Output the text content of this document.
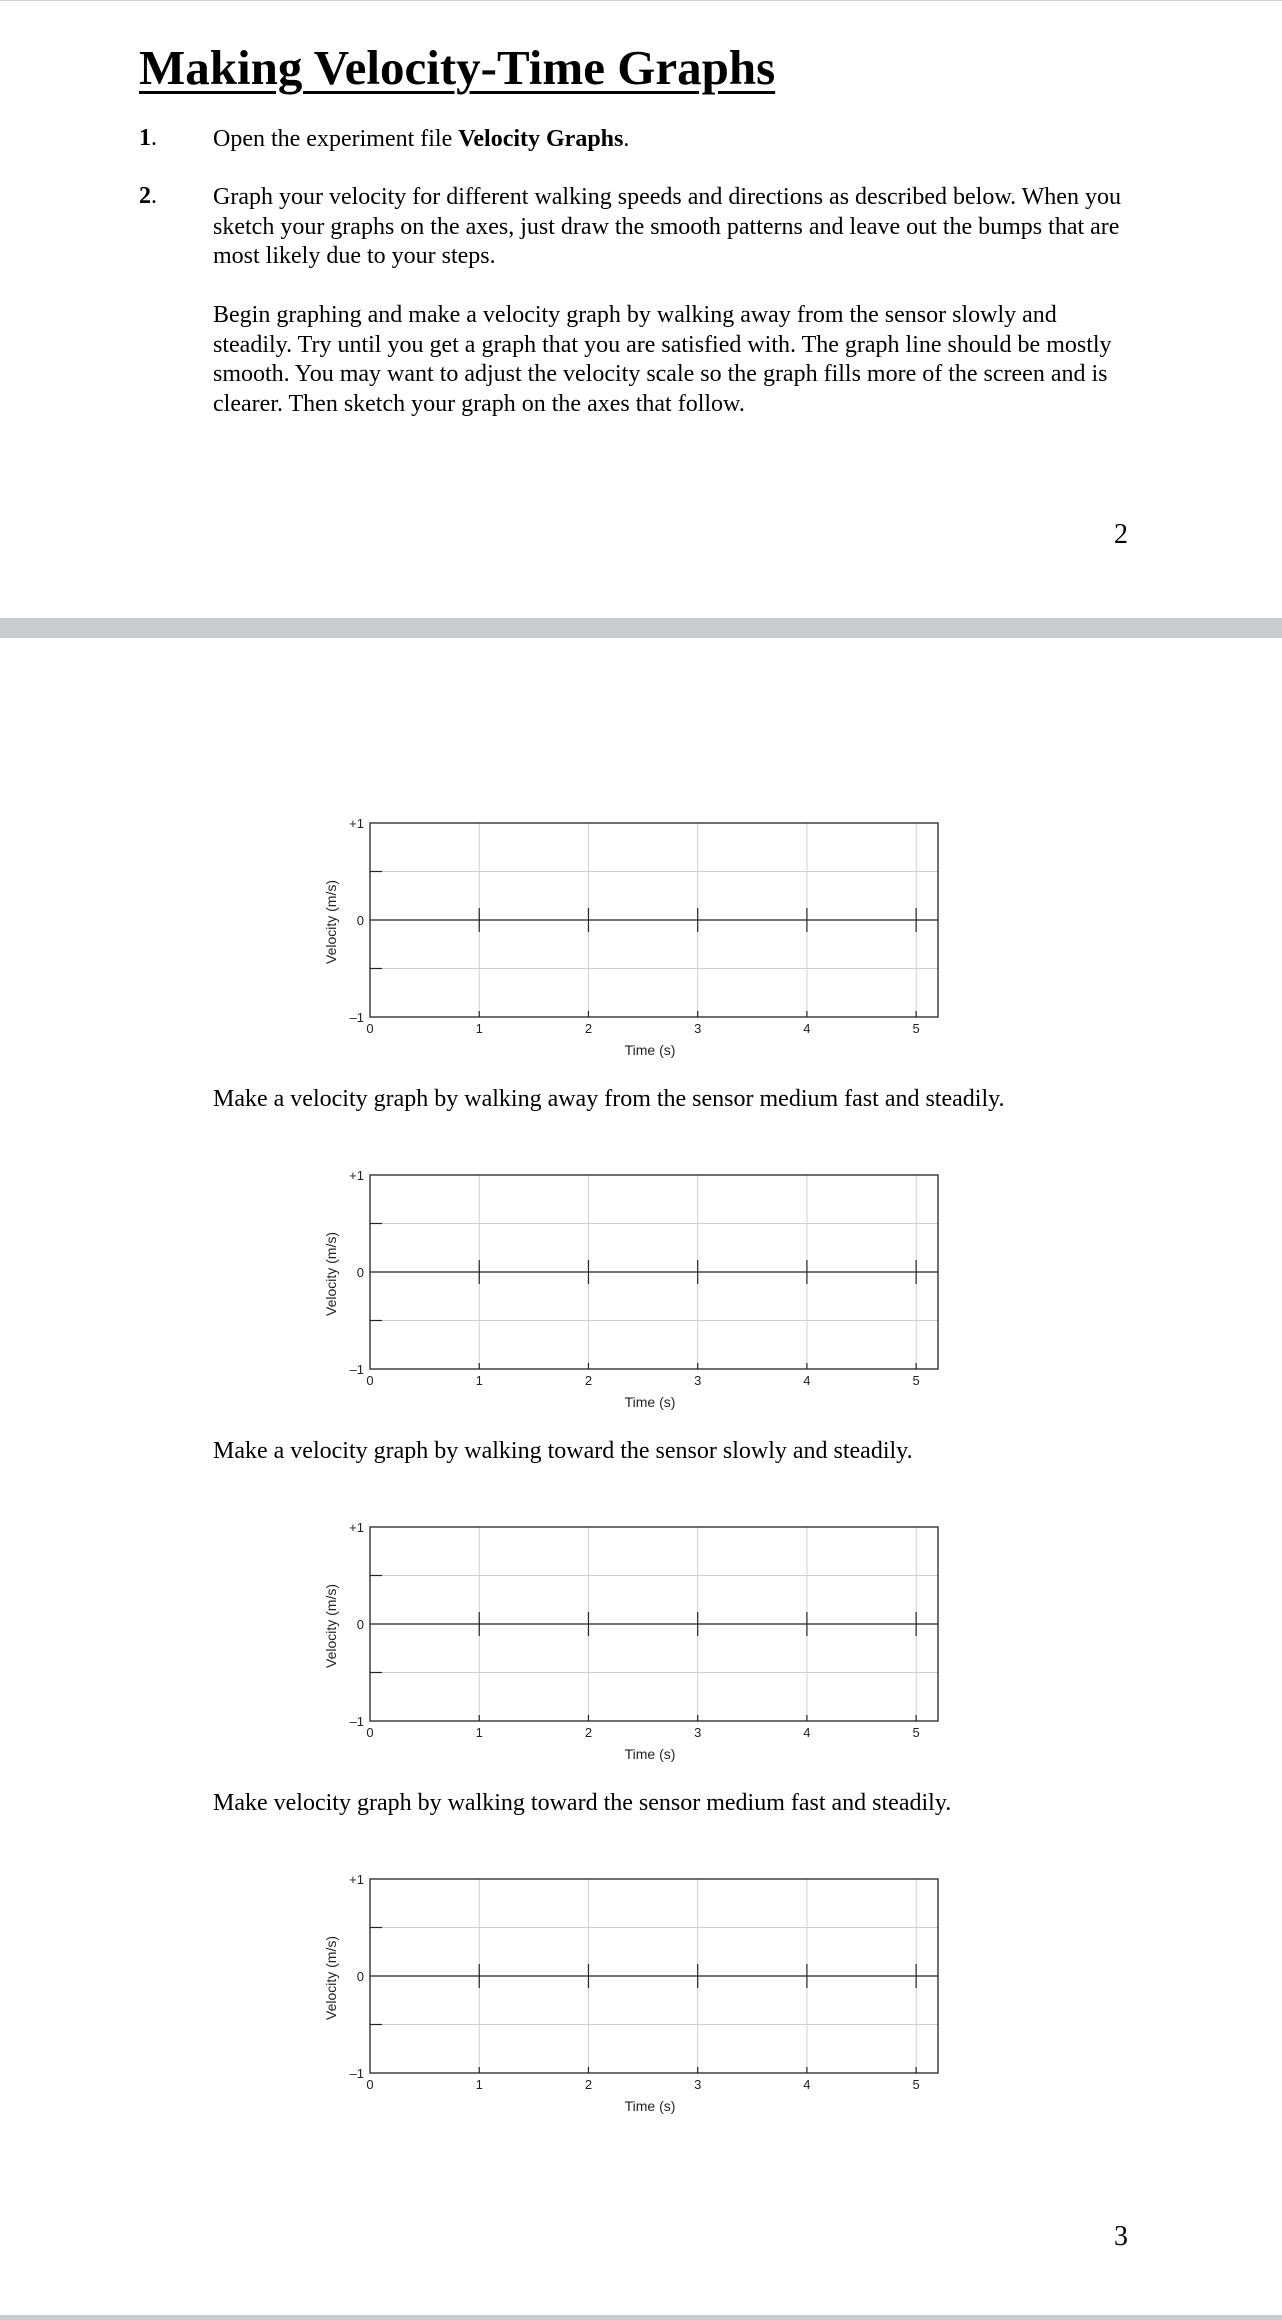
Making Velocity-Time Graphs
1. Open the experiment file Velocity Graphs.
2. Graph your velocity for different walking speeds and directions as described below. When you sketch your graphs on the axes, just draw the smooth patterns and leave out the bumps that are most likely due to your steps.
Begin graphing and make a velocity graph by walking away from the sensor slowly and steadily. Try until you get a graph that you are satisfied with. The graph line should be mostly smooth. You may want to adjust the velocity scale so the graph fills more of the screen and is clearer. Then sketch your graph on the axes that follow.
2
+1
0
–1
0	1	2	3	4	5
Time (s)
Velocity (m/s)
Make a velocity graph by walking away from the sensor medium fast and steadily.
+1
0
–1
0	1	2	3	4	5
Time (s)
Velocity (m/s)
Make a velocity graph by walking toward the sensor slowly and steadily.
+1
0
–1
0	1	2	3	4	5
Time (s)
Velocity (m/s)
Make velocity graph by walking toward the sensor medium fast and steadily.
+1
0
–1
0	1	2	3	4	5
Time (s)
Velocity (m/s)
3
